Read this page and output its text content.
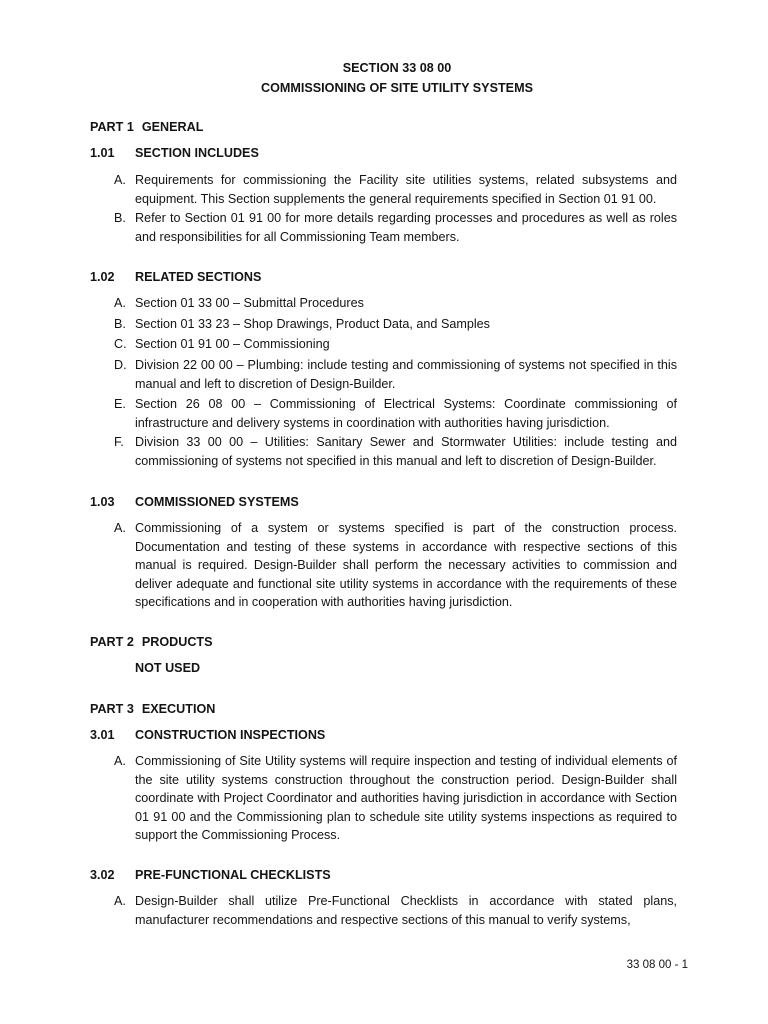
SECTION 33 08 00
COMMISSIONING OF SITE UTILITY SYSTEMS
PART 1 GENERAL
1.01 SECTION INCLUDES
A. Requirements for commissioning the Facility site utilities systems, related subsystems and equipment. This Section supplements the general requirements specified in Section 01 91 00.
B. Refer to Section 01 91 00 for more details regarding processes and procedures as well as roles and responsibilities for all Commissioning Team members.
1.02 RELATED SECTIONS
A. Section 01 33 00 – Submittal Procedures
B. Section 01 33 23 – Shop Drawings, Product Data, and Samples
C. Section 01 91 00 – Commissioning
D. Division 22 00 00 – Plumbing: include testing and commissioning of systems not specified in this manual and left to discretion of Design-Builder.
E. Section 26 08 00 – Commissioning of Electrical Systems: Coordinate commissioning of infrastructure and delivery systems in coordination with authorities having jurisdiction.
F. Division 33 00 00 – Utilities: Sanitary Sewer and Stormwater Utilities: include testing and commissioning of systems not specified in this manual and left to discretion of Design-Builder.
1.03 COMMISSIONED SYSTEMS
A. Commissioning of a system or systems specified is part of the construction process. Documentation and testing of these systems in accordance with respective sections of this manual is required. Design-Builder shall perform the necessary activities to commission and deliver adequate and functional site utility systems in accordance with the requirements of these specifications and in cooperation with authorities having jurisdiction.
PART 2 PRODUCTS
NOT USED
PART 3 EXECUTION
3.01 CONSTRUCTION INSPECTIONS
A. Commissioning of Site Utility systems will require inspection and testing of individual elements of the site utility systems construction throughout the construction period. Design-Builder shall coordinate with Project Coordinator and authorities having jurisdiction in accordance with Section 01 91 00 and the Commissioning plan to schedule site utility systems inspections as required to support the Commissioning Process.
3.02 PRE-FUNCTIONAL CHECKLISTS
A. Design-Builder shall utilize Pre-Functional Checklists in accordance with stated plans, manufacturer recommendations and respective sections of this manual to verify systems,
33 08 00 - 1
